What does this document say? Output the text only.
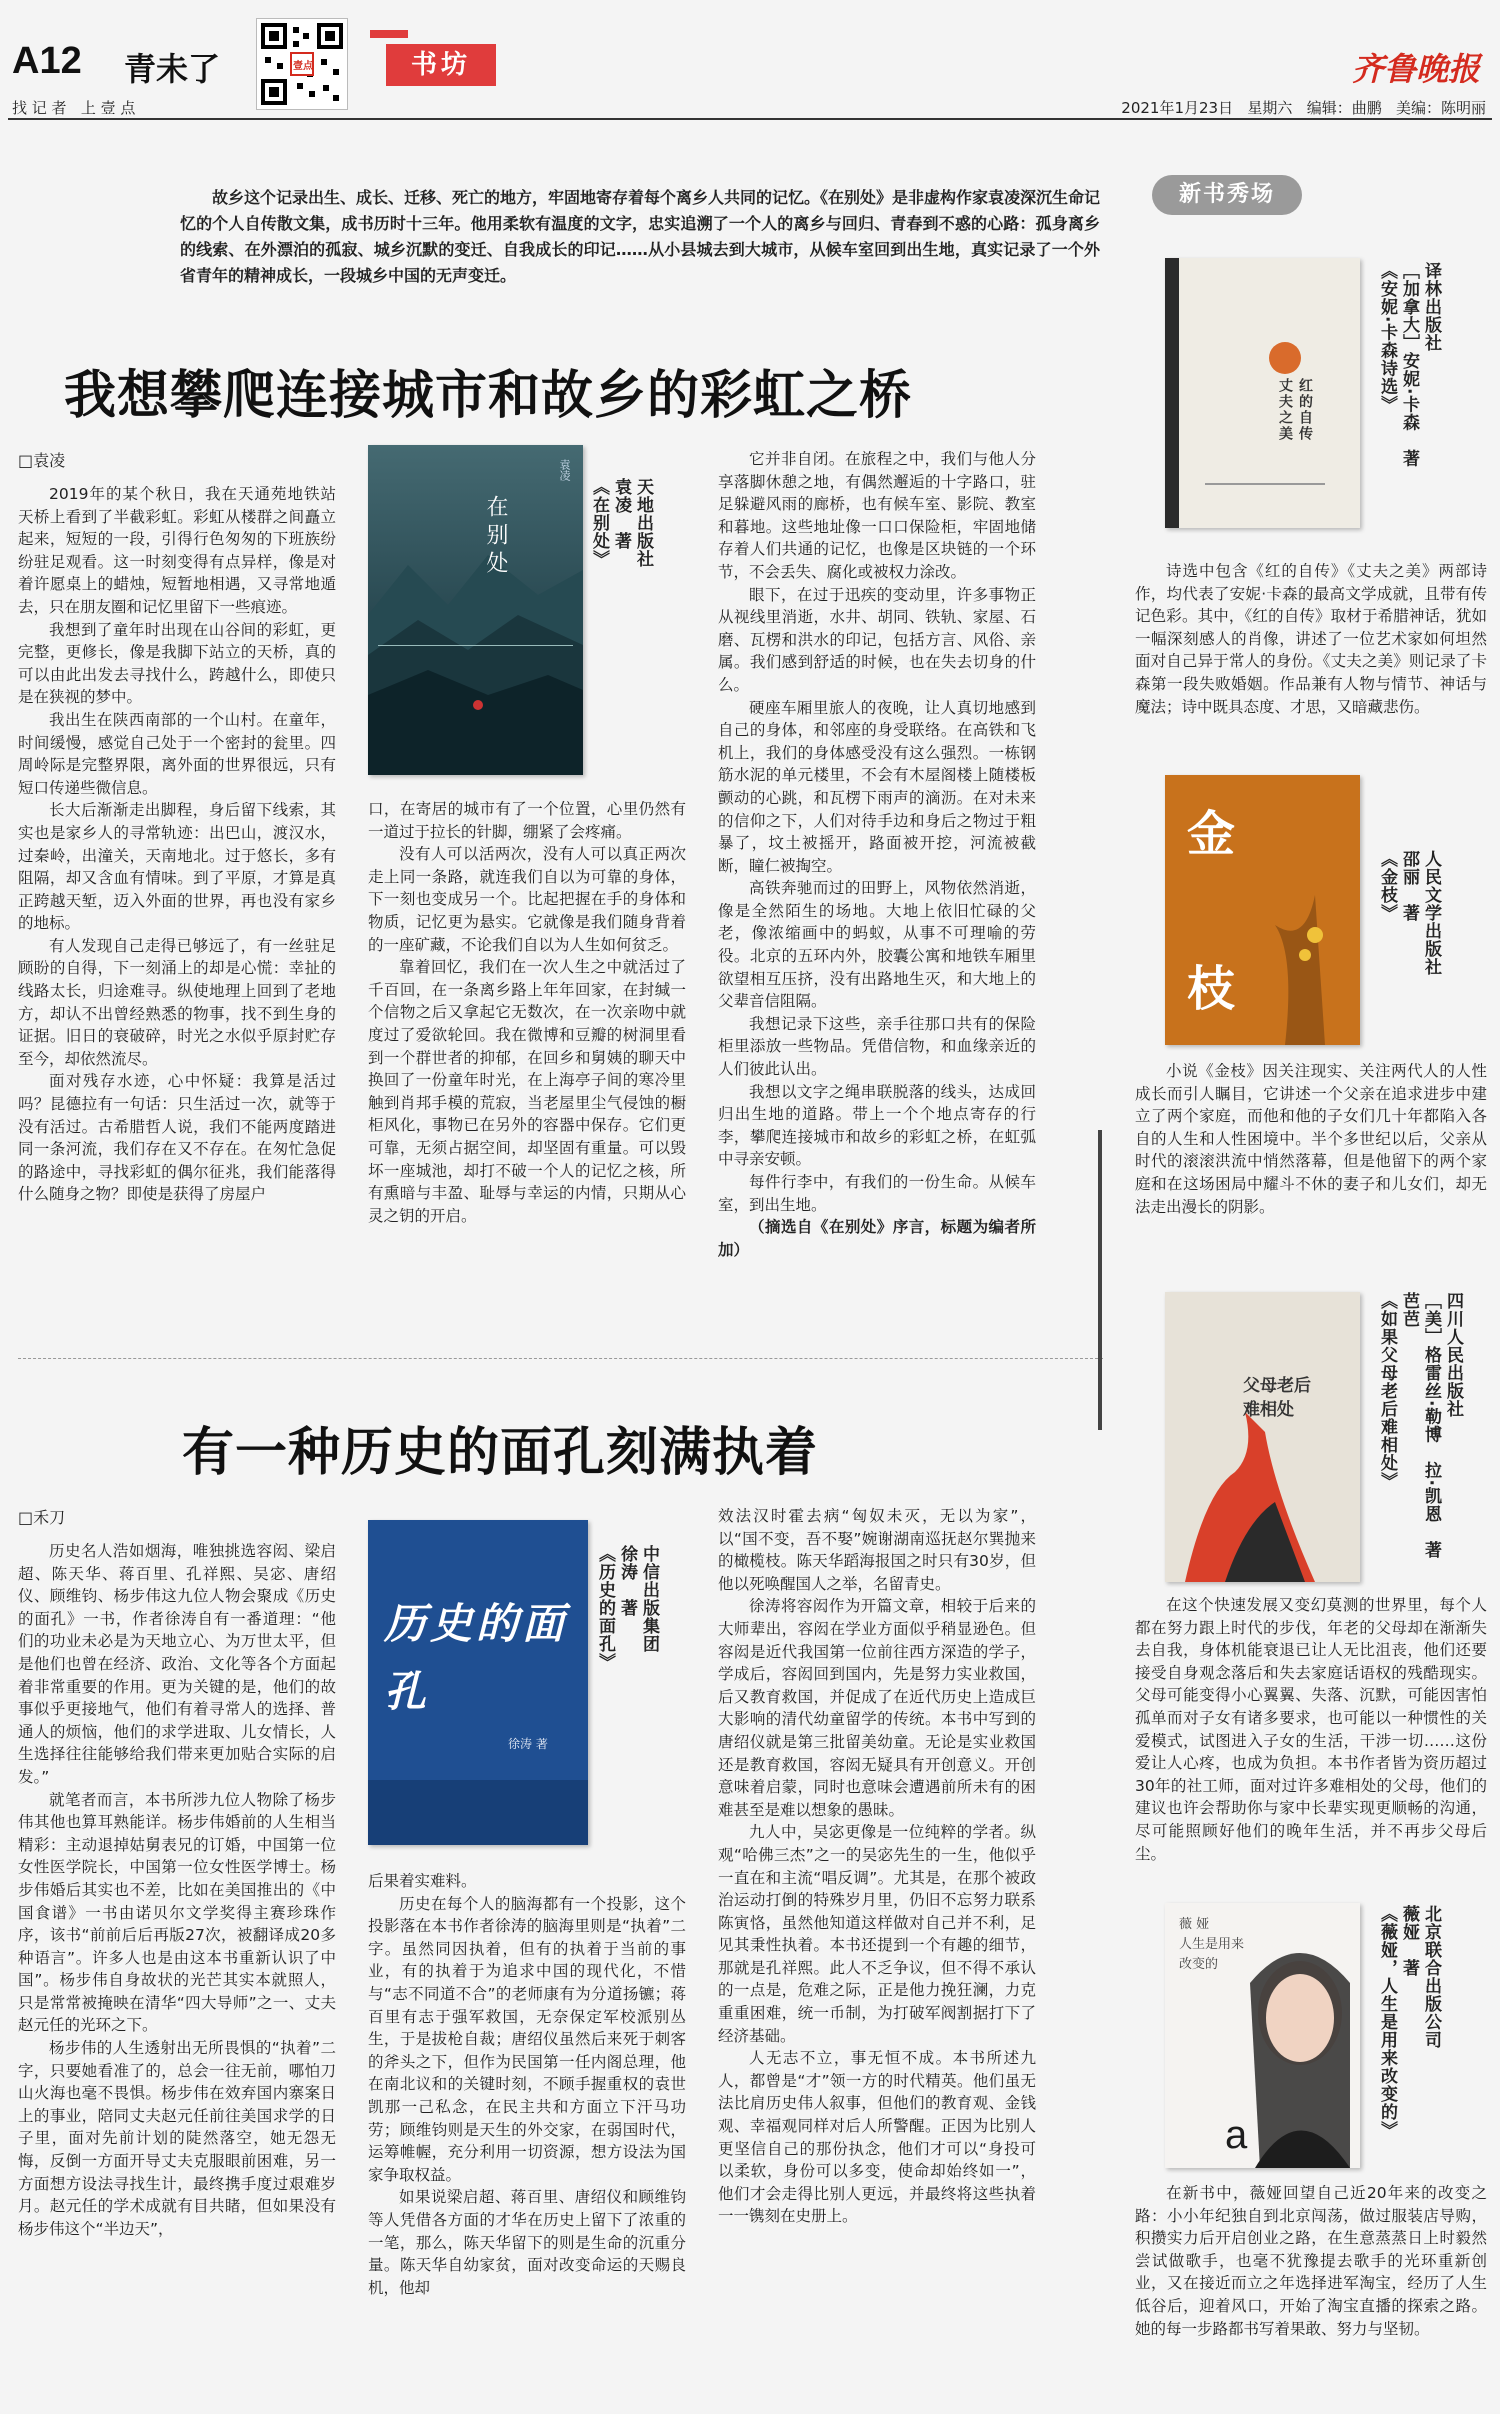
A12 青未了	壹点	书坊	齐鲁晚报
找 记 者   上 壹 点	2021年1月23日   星期六   编辑：曲鹏   美编：陈明丽
故乡这个记录出生、成长、迁移、死亡的地方，牢固地寄存着每个离乡人共同的记忆。《在别处》是非虚构作家袁凌深沉生命记忆的个人自传散文集，成书历时十三年。他用柔软有温度的文字，忠实追溯了一个人的离乡与回归、青春到不惑的心路：孤身离乡的线索、在外漂泊的孤寂、城乡沉默的变迁、自我成长的印记……从小县城去到大城市，从候车室回到出生地，真实记录了一个外省青年的精神成长，一段城乡中国的无声变迁。
我想攀爬连接城市和故乡的彩虹之桥
□袁凌

2019年的某个秋日，我在天通苑地铁站天桥上看到了半截彩虹。彩虹从楼群之间矗立起来，短短的一段，引得行色匆匆的下班族纷纷驻足观看。这一时刻变得有点异样，像是对着许愿桌上的蜡烛，短暂地相遇，又寻常地遁去，只在朋友圈和记忆里留下一些痕迹。

我想到了童年时出现在山谷间的彩虹，更完整，更修长，像是我脚下站立的天桥，真的可以由此出发去寻找什么，跨越什么，即使只是在狭视的梦中。

我出生在陕西南部的一个山村。在童年，时间缓慢，感觉自己处于一个密封的瓮里。四周岭际是完整界限，离外面的世界很远，只有短口传递些微信息。

长大后渐渐走出脚程，身后留下线索，其实也是家乡人的寻常轨迹：出巴山，渡汉水，过秦岭，出潼关，天南地北。过于悠长，多有阻隔，却又含血有情味。到了平原，才算是真正跨越天堑，迈入外面的世界，再也没有家乡的地标。

有人发现自己走得已够远了，有一丝驻足顾盼的自得，下一刻涌上的却是心慌：幸扯的线路太长，归途难寻。纵使地理上回到了老地方，却认不出曾经熟悉的物事，找不到生身的证据。旧日的衰破碎，时光之水似乎原封贮存至今，却依然流尽。

面对残存水迹，心中怀疑：我算是活过吗？昆德拉有一句话：只生活过一次，就等于没有活过。古希腊哲人说，我们不能两度踏进同一条河流，我们存在又不存在。在匆忙急促的路途中，寻找彩虹的偶尔征兆，我们能落得什么随身之物？即使是获得了房屋户

在别处
袁凌
天地出版社
袁凌　著
《在别处》

口，在寄居的城市有了一个位置，心里仍然有一道过于拉长的针脚，绷紧了会疼痛。

没有人可以活两次，没有人可以真正两次走上同一条路，就连我们自以为可靠的身体，下一刻也变成另一个。比起把握在手的身体和物质，记忆更为悬实。它就像是我们随身背着的一座矿藏，不论我们自以为人生如何贫乏。

靠着回忆，我们在一次人生之中就活过了千百回，在一条离乡路上年年回家，在封缄一个信物之后又拿起它无数次，在一次亲吻中就度过了爱欲轮回。我在微博和豆瓣的树洞里看到一个群世者的抑郁，在回乡和舅姨的聊天中换回了一份童年时光，在上海亭子间的寒冷里触到肖邦手模的荒寂，当老屋里尘气侵蚀的橱柜风化，事物已在另外的容器中保存。它们更可靠，无须占据空间，却坚固有重量。可以毁坏一座城池，却打不破一个人的记忆之核，所有熏暗与丰盈、耻辱与幸运的内情，只期从心灵之钥的开启。

它并非自闭。在旅程之中，我们与他人分享落脚休憩之地，有偶然邂逅的十字路口，驻足躲避风雨的廊桥，也有候车室、影院、教室和暮地。这些地址像一口口保险柜，牢固地储存着人们共通的记忆，也像是区块链的一个环节，不会丢失、腐化或被权力涂改。

眼下，在过于迅疾的变动里，许多事物正从视线里消逝，水井、胡同、铁轨、家屋、石磨、瓦楞和洪水的印记，包括方言、风俗、亲属。我们感到舒适的时候，也在失去切身的什么。

硬座车厢里旅人的夜晚，让人真切地感到自己的身体，和邻座的身受联络。在高铁和飞机上，我们的身体感受没有这么强烈。一栋钢筋水泥的单元楼里，不会有木屋阁楼上随楼板颤动的心跳，和瓦楞下雨声的滴沥。在对未来的信仰之下，人们对待手边和身后之物过于粗暴了，坟土被摇开，路面被开挖，河流被截断，瞳仁被掏空。

高铁奔驰而过的田野上，风物依然消逝，像是全然陌生的场地。大地上依旧忙碌的父老，像浓缩画中的蚂蚁，从事不可理喻的劳役。北京的五环内外，胶囊公寓和地铁车厢里欲望相互压挤，没有出路地生灭，和大地上的父辈音信阻隔。

我想记录下这些，亲手往那口共有的保险柜里添放一些物品。凭借信物，和血缘亲近的人们彼此认出。

我想以文字之绳串联脱落的线头，达成回归出生地的道路。带上一个个地点寄存的行李，攀爬连接城市和故乡的彩虹之桥，在虹弧中寻亲安顿。

每件行李中，有我们的一份生命。从候车室，到出生地。

（摘选自《在别处》序言，标题为编者所加）

有一种历史的面孔刻满执着
□禾刀

历史名人浩如烟海，唯独挑选容闳、梁启超、陈天华、蒋百里、孔祥熙、吴宓、唐绍仪、顾维钧、杨步伟这九位人物会聚成《历史的面孔》一书，作者徐涛自有一番道理：“他们的功业未必是为天地立心、为万世太平，但是他们也曾在经济、政治、文化等各个方面起着非常重要的作用。更为关键的是，他们的故事似乎更接地气，他们有着寻常人的选择、普通人的烦恼，他们的求学进取、儿女情长，人生选择往往能够给我们带来更加贴合实际的启发。”

就笔者而言，本书所涉九位人物除了杨步伟其他也算耳熟能详。杨步伟婚前的人生相当精彩：主动退掉姑舅表兄的订婚，中国第一位女性医学院长，中国第一位女性医学博士。杨步伟婚后其实也不差，比如在美国推出的《中国食谱》一书由诺贝尔文学奖得主赛珍珠作序，该书“前前后后再版27次，被翻译成20多种语言”。许多人也是由这本书重新认识了中国”。杨步伟自身故状的光芒其实本就照人，只是常常被掩映在清华“四大导师”之一、丈夫赵元任的光环之下。

杨步伟的人生透射出无所畏惧的“执着”二字，只要她看准了的，总会一往无前，哪怕刀山火海也毫不畏惧。杨步伟在效弃国内寨案日上的事业，陪同丈夫赵元任前往美国求学的日子里，面对先前计划的陡然落空，她无怨无悔，反倒一方面开导丈夫克服眼前困难，另一方面想方设法寻找生计，最终携手度过艰难岁月。赵元任的学术成就有目共睹，但如果没有杨步伟这个“半边天”，

历史的面孔
徐涛 著
中信出版集团
徐涛　著
《历史的面孔》

后果着实难料。

历史在每个人的脑海都有一个投影，这个投影落在本书作者徐涛的脑海里则是“执着”二字。虽然同因执着，但有的执着于当前的事业，有的执着于为追求中国的现代化，不惜与“志不同道不合”的老师康有为分道扬镳；蒋百里有志于强军救国，无奈保定军校派别丛生，于是拔枪自裁；唐绍仪虽然后来死于刺客的斧头之下，但作为民国第一任内阁总理，他在南北议和的关键时刻，不顾手握重权的袁世凯那一己私念，在民主共和方面立下汗马功劳；顾维钧则是天生的外交家，在弱国时代，运筹帷幄，充分利用一切资源，想方设法为国家争取权益。

如果说梁启超、蒋百里、唐绍仪和顾维钧等人凭借各方面的才华在历史上留下了浓重的一笔，那么，陈天华留下的则是生命的沉重分量。陈天华自幼家贫，面对改变命运的天赐良机，他却

效法汉时霍去病“匈奴未灭，无以为家”，以“国不变，吾不娶”婉谢湖南巡抚赵尔巽抛来的橄榄枝。陈天华蹈海报国之时只有30岁，但他以死唤醒国人之举，名留青史。

徐涛将容闳作为开篇文章，相较于后来的大师辈出，容闳在学业方面似乎稍显逊色。但容闳是近代我国第一位前往西方深造的学子，学成后，容闳回到国内，先是努力实业救国，后又教育救国，并促成了在近代历史上造成巨大影响的清代幼童留学的传统。本书中写到的唐绍仪就是第三批留美幼童。无论是实业救国还是教育救国，容闳无疑具有开创意义。开创意味着启蒙，同时也意味会遭遇前所未有的困难甚至是难以想象的愚昧。

九人中，吴宓更像是一位纯粹的学者。纵观“哈佛三杰”之一的吴宓先生的一生，他似乎一直在和主流“唱反调”。尤其是，在那个被政治运动打倒的特殊岁月里，仍旧不忘努力联系陈寅恪，虽然他知道这样做对自己并不利，足见其秉性执着。本书还提到一个有趣的细节，那就是孔祥熙。此人不乏争议，但不得不承认的一点是，危难之际，正是他力挽狂澜，力克重重困难，统一币制，为打破军阀割据打下了经济基础。

人无志不立，事无恒不成。本书所述九人，都曾是“才”领一方的时代精英。他们虽无法比肩历史伟人叙事，但他们的教育观、金钱观、幸福观同样对后人所警醒。正因为比别人更坚信自己的那份执念，他们才可以“身投可以柔软，身份可以多变，使命却始终如一”，他们才会走得比别人更远，并最终将这些执着一一镌刻在史册上。

新书秀场
红的自传
丈夫之美
译林出版社
［加拿大］安妮·卡森　著
《安妮·卡森诗选》

诗选中包含《红的自传》《丈夫之美》两部诗作，均代表了安妮·卡森的最高文学成就，且带有传记色彩。其中，《红的自传》取材于希腊神话，犹如一幅深刻感人的肖像，讲述了一位艺术家如何坦然面对自己异于常人的身份。《丈夫之美》则记录了卡森第一段失败婚姻。作品兼有人物与情节、神话与魔法；诗中既具态度、才思，又暗藏悲伤。

金
枝
人民文学出版社
邵丽　著
《金枝》

小说《金枝》因关注现实、关注两代人的人性成长而引人瞩目，它讲述一个父亲在追求进步中建立了两个家庭，而他和他的子女们几十年都陷入各自的人生和人性困境中。半个多世纪以后，父亲从时代的滚滚洪流中悄然落幕，但是他留下的两个家庭和在这场困局中耀斗不休的妻子和儿女们，却无法走出漫长的阴影。

父母老后
难相处	四川人民出版社
［美］格雷丝·勒博　拉·凯恩　著　芭芭
《如果父母老后难相处》

在这个快速发展又变幻莫测的世界里，每个人都在努力跟上时代的步伐，年老的父母却在渐渐失去自我，身体机能衰退已让人无比沮丧，他们还要接受自身观念落后和失去家庭话语权的残酷现实。父母可能变得小心翼翼、失落、沉默，可能因害怕孤单而对子女有诸多要求，也可能以一种惯性的关爱模式，试图进入子女的生活，干涉一切……这份爱让人心疼，也成为负担。本书作者皆为资历超过30年的社工师，面对过许多难相处的父母，他们的建议也许会帮助你与家中长辈实现更顺畅的沟通，尽可能照顾好他们的晚年生活，并不再步父母后尘。

a
薇 娅
人生是用来
改变的	北京联合出版公司
薇娅　著
《薇娅，人生是用来改变的》

在新书中，薇娅回望自己近20年来的改变之路：小小年纪独自到北京闯荡，做过服装店导购，积攒实力后开启创业之路，在生意蒸蒸日上时毅然尝试做歌手，也毫不犹豫提去歌手的光环重新创业，又在接近而立之年选择进军淘宝，经历了人生低谷后，迎着风口，开始了淘宝直播的探索之路。她的每一步路都书写着果敢、努力与坚韧。
